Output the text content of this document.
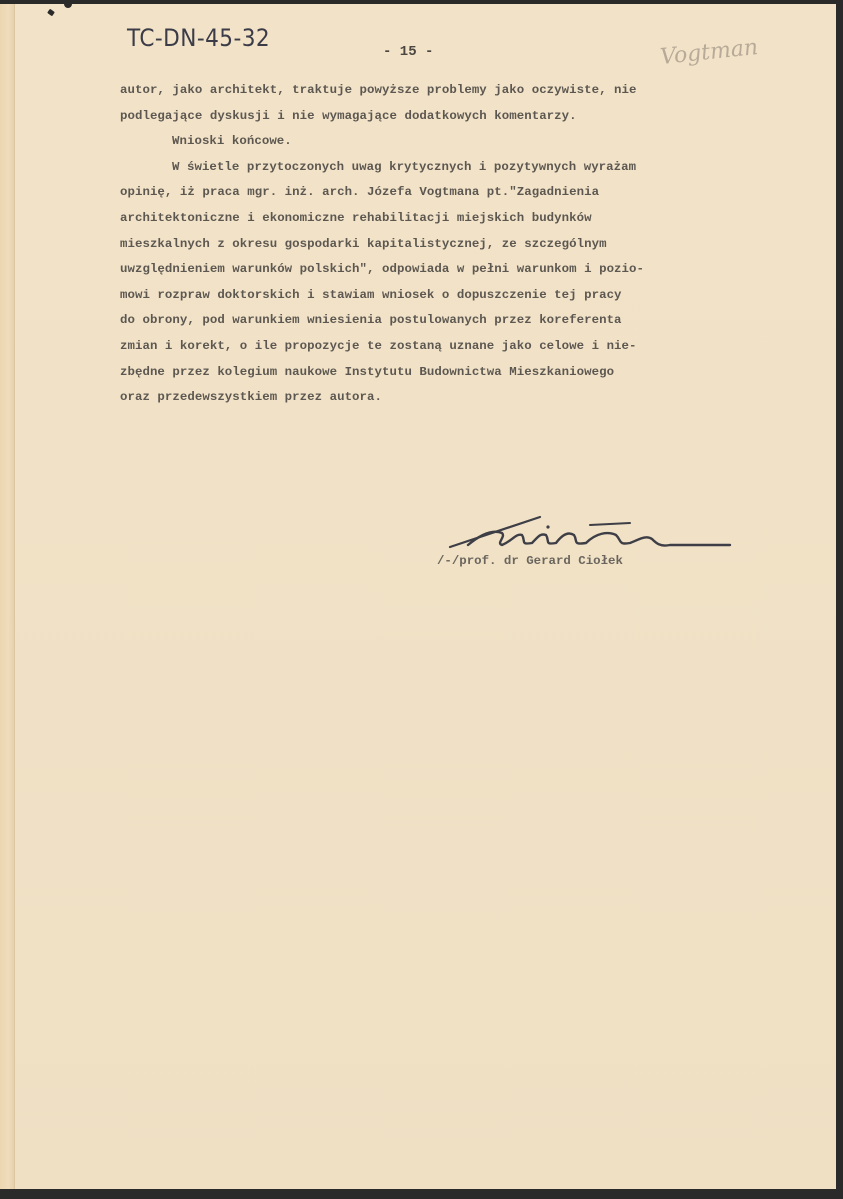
TC-DN-45-32	- 15 -	Vogtman
autor, jako architekt, traktuje powyższe problemy jako oczywiste, nie
podlegające dyskusji i nie wymagające dodatkowych komentarzy.
Wnioski końcowe.
W świetle przytoczonych uwag krytycznych i pozytywnych wyrażam
opinię, iż praca mgr. inż. arch. Józefa Vogtmana pt."Zagadnienia
architektoniczne i ekonomiczne rehabilitacji miejskich budynków
mieszkalnych z okresu gospodarki kapitalistycznej, ze szczególnym
uwzględnieniem warunków polskich", odpowiada w pełni warunkom i pozio-
mowi rozpraw doktorskich i stawiam wniosek o dopuszczenie tej pracy
do obrony, pod warunkiem wniesienia postulowanych przez koreferenta
zmian i korekt, o ile propozycje te zostaną uznane jako celowe i nie-
zbędne przez kolegium naukowe Instytutu Budownictwa Mieszkaniowego
oraz przedewszystkiem przez autora.
/-/prof. dr Gerard Ciołek
